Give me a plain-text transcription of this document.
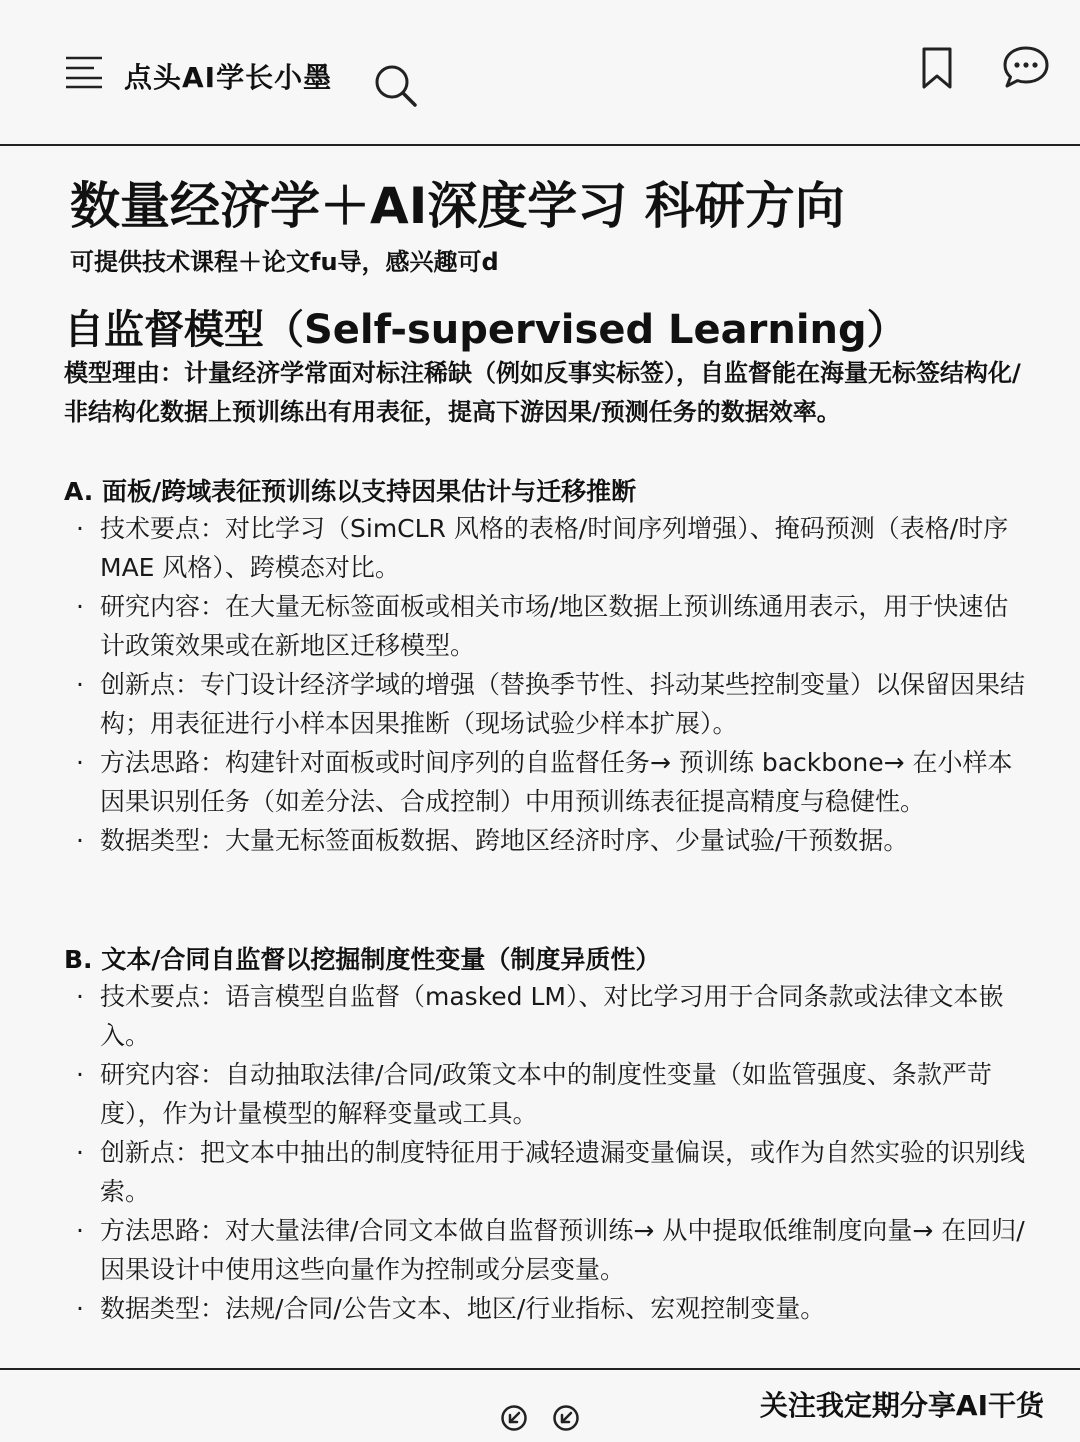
点头AI学长小墨
数量经济学＋AI深度学习 科研方向
可提供技术课程＋论文fu导，感兴趣可d
自监督模型（Self-supervised Learning）
模型理由：计量经济学常面对标注稀缺（例如反事实标签），自监督能在海量无标签结构化/非结构化数据上预训练出有用表征，提高下游因果/预测任务的数据效率。
A. 面板/跨域表征预训练以支持因果估计与迁移推断
· 技术要点：对比学习（SimCLR 风格的表格/时间序列增强）、掩码预测（表格/时序 MAE 风格）、跨模态对比。
· 研究内容：在大量无标签面板或相关市场/地区数据上预训练通用表示，用于快速估计政策效果或在新地区迁移模型。
· 创新点：专门设计经济学域的增强（替换季节性、抖动某些控制变量）以保留因果结构；用表征进行小样本因果推断（现场试验少样本扩展）。
· 方法思路：构建针对面板或时间序列的自监督任务→ 预训练 backbone→ 在小样本因果识别任务（如差分法、合成控制）中用预训练表征提高精度与稳健性。
· 数据类型：大量无标签面板数据、跨地区经济时序、少量试验/干预数据。
B. 文本/合同自监督以挖掘制度性变量（制度异质性）
· 技术要点：语言模型自监督（masked LM）、对比学习用于合同条款或法律文本嵌入。
· 研究内容：自动抽取法律/合同/政策文本中的制度性变量（如监管强度、条款严苛度），作为计量模型的解释变量或工具。
· 创新点：把文本中抽出的制度特征用于减轻遗漏变量偏误，或作为自然实验的识别线索。
· 方法思路：对大量法律/合同文本做自监督预训练→ 从中提取低维制度向量→ 在回归/因果设计中使用这些向量作为控制或分层变量。
· 数据类型：法规/合同/公告文本、地区/行业指标、宏观控制变量。
关注我定期分享AI干货
